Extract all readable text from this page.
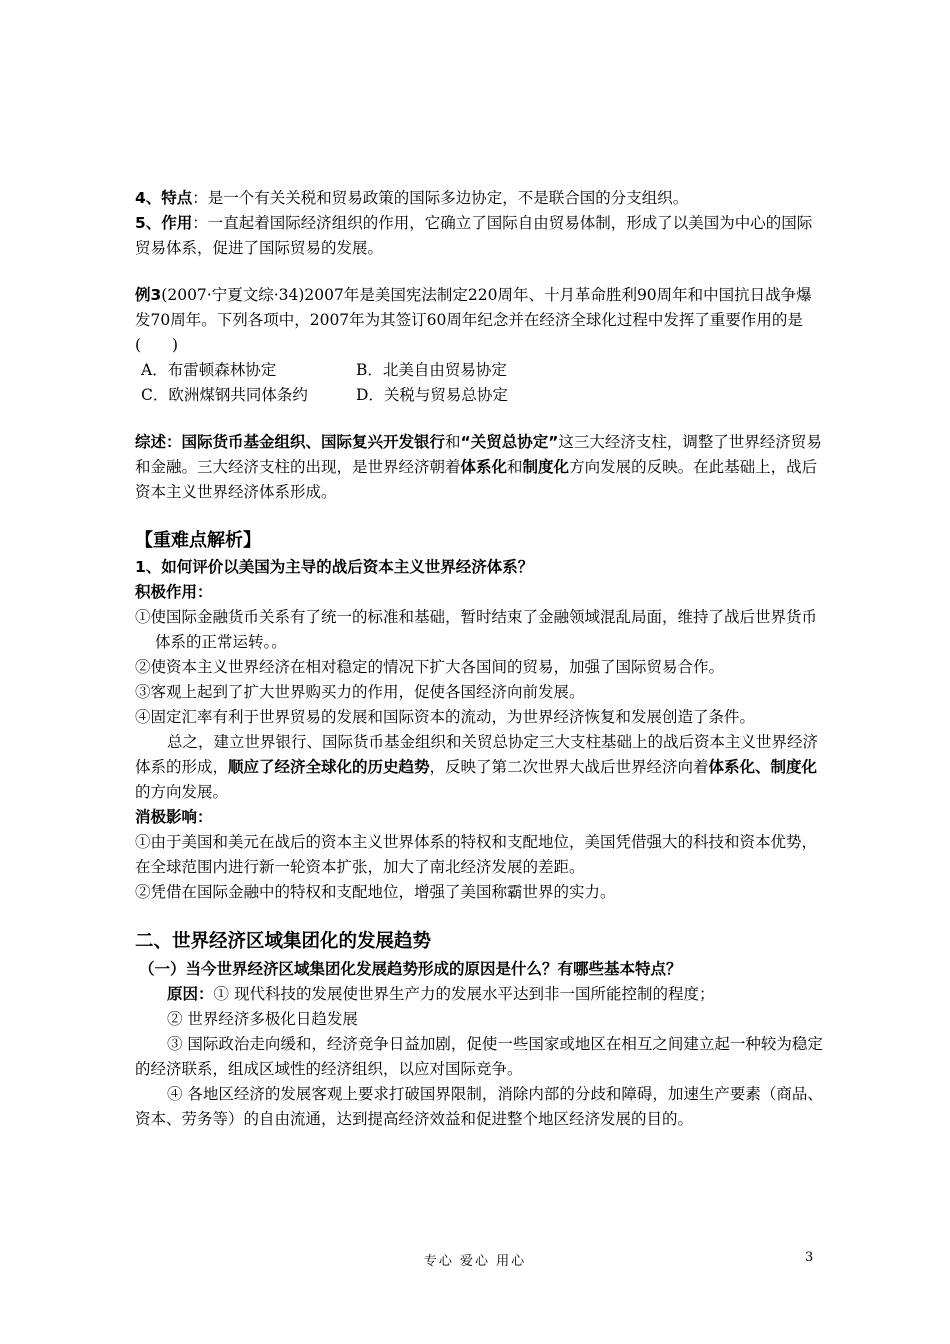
4、特点：是一个有关关税和贸易政策的国际多边协定，不是联合国的分支组织。

5、作用：一直起着国际经济组织的作用，它确立了国际自由贸易体制，形成了以美国为中心的国际贸易体系，促进了国际贸易的发展。

例3(2007·宁夏文综·34)2007年是美国宪法制定220周年、十月革命胜利90周年和中国抗日战争爆发70周年。下列各项中，2007年为其签订60周年纪念并在经济全球化过程中发挥了重要作用的是(　　)

A．布雷顿森林协定	B．北美自由贸易协定
C．欧洲煤钢共同体条约	D．关税与贸易总协定

综述：国际货币基金组织、国际复兴开发银行和“关贸总协定”这三大经济支柱，调整了世界经济贸易和金融。三大经济支柱的出现，是世界经济朝着体系化和制度化方向发展的反映。在此基础上，战后资本主义世界经济体系形成。

【重难点解析】

1、如何评价以美国为主导的战后资本主义世界经济体系？

积极作用：

①使国际金融货币关系有了统一的标准和基础，暂时结束了金融领域混乱局面，维持了战后世界货币体系的正常运转。。

②使资本主义世界经济在相对稳定的情况下扩大各国间的贸易，加强了国际贸易合作。

③客观上起到了扩大世界购买力的作用，促使各国经济向前发展。

④固定汇率有利于世界贸易的发展和国际资本的流动，为世界经济恢复和发展创造了条件。

总之，建立世界银行、国际货币基金组织和关贸总协定三大支柱基础上的战后资本主义世界经济体系的形成，顺应了经济全球化的历史趋势，反映了第二次世界大战后世界经济向着体系化、制度化的方向发展。

消极影响：

①由于美国和美元在战后的资本主义世界体系的特权和支配地位，美国凭借强大的科技和资本优势，在全球范围内进行新一轮资本扩张，加大了南北经济发展的差距。

②凭借在国际金融中的特权和支配地位，增强了美国称霸世界的实力。

二、世界经济区域集团化的发展趋势

（一）当今世界经济区域集团化发展趋势形成的原因是什么？有哪些基本特点？

原因：① 现代科技的发展使世界生产力的发展水平达到非一国所能控制的程度；

② 世界经济多极化日趋发展

③ 国际政治走向缓和，经济竞争日益加剧，促使一些国家或地区在相互之间建立起一种较为稳定的经济联系，组成区域性的经济组织，以应对国际竞争。

④ 各地区经济的发展客观上要求打破国界限制，消除内部的分歧和障碍，加速生产要素（商品、资本、劳务等）的自由流通，达到提高经济效益和促进整个地区经济发展的目的。

专心 爱心 用心	3
